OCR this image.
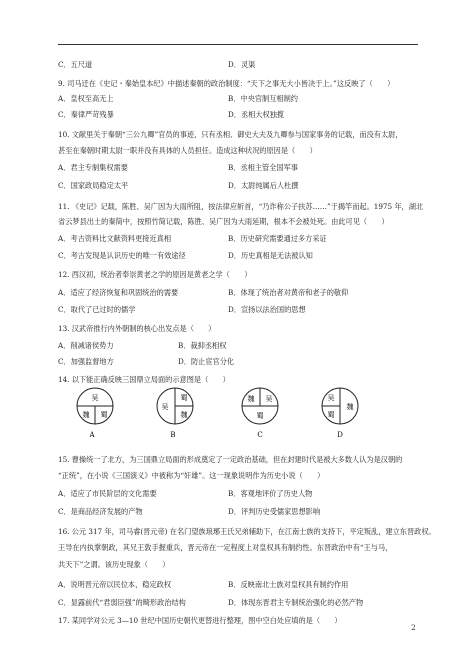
C．五尺道	D．灵渠
9. 司马迁在《史记・秦始皇本纪》中描述秦朝的政治制度：“天下之事无大小皆决于上。”这反映了（　　）
A．皇权至高无上	B．中央官制互相制约
C．秦律严苛残暴	D．丞相大权独揽
10. 文献里关于秦朝“三公九卿”官员的事迹，只有丞相、御史大夫及九卿参与国家事务的记载，而没有太尉，
甚至在秦朝时期太尉一职并没有具体的人员担任。造成这种状况的原因是（　　）
A．君主专制集权需要	B．丞相主管全国军事
C．国家政局稳定太平	D．太尉纯属后人杜撰
11. 《史记》记载，陈胜、吴广因为大雨所阻，按法律应斩首，“乃诈称公子扶苏……”于揭竿而起。1975 年，湖北
省云梦县出土的秦简中，按照竹简记载，陈胜、吴广因为大雨延期，根本不会被处死。由此可见（　　）
A．考古资料比文献资料更接近真相	B．历史研究需要通过多方采证
C．考古发现是认识历史的唯一有效途径	D．历史真相是无法被认知
12. 西汉初，统治者奉崇黄老之学的原因是黄老之学（　　）
A．适应了经济恢复和巩固统治的需要	B．体现了统治者对黄帝和老子的敬仰
C．取代了已过时的儒学	D．宣扬以法治国的思想
13. 汉武帝推行内外朝制的核心出发点是（　　）
A．削减诸侯势力	B．裁抑丞相权
C．加强监督地方	D．防止宦官分化
14. 以下能正确反映三国鼎立局面的示意图是（　　）
吴
魏 蜀
A
吴
蜀
魏
B
魏 吴
蜀
C
吴
蜀
魏
D
15. 曹操统一了北方，为三国鼎立局面的形成奠定了一定政治基础，但在封建时代是被大多数人认为是汉朝的
“正统”，在小说《三国演义》中被称为“奸雄”。这一现象说明作为历史小说（　　）
A．适应了市民阶层的文化需要	B．客观地评价了历史人物
C．是商品经济发展的产物	D．评判历史受儒家思想影响
16. 公元 317 年，司马睿(晋元帝) 在名门望族琅琊王氏兄弟辅助下，在江南士族的支持下，平定叛乱，建立东晋政权。
王导在内执掌朝政，其兄王敦手握重兵，晋元帝在一定程度上对皇权具有制约性。东晋政治中有“王与马，
共天下”之谓。该历史现象（　　）
A．说明晋元帝以民位本，稳定政权	B．反映南北士族对皇权具有制约作用
C．显露前代“君弱臣强”的畸形政治结构	D．体现东晋君主专制统治强化的必然产物
17. 某同学对公元 3—10 世纪中国历史朝代更替进行整理，图中空白处应填的是（　　）
2
